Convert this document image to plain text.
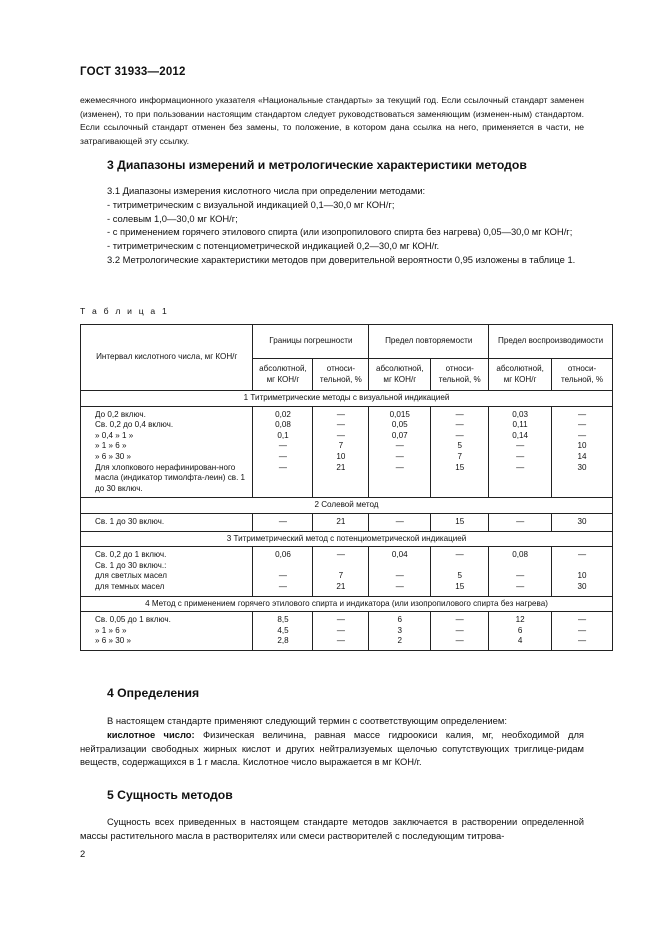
ГОСТ 31933—2012
ежемесячного информационного указателя «Национальные стандарты» за текущий год. Если ссылочный стандарт заменен (изменен), то при пользовании настоящим стандартом следует руководствоваться заменяющим (изменен-ным) стандартом. Если ссылочный стандарт отменен без замены, то положение, в котором дана ссылка на него, применяется в части, не затрагивающей эту ссылку.
3 Диапазоны измерений и метрологические характеристики методов

3.1 Диапазоны измерения кислотного числа при определении методами:

- титриметрическим с визуальной индикацией 0,1—30,0 мг КОН/г;

- солевым 1,0—30,0 мг КОН/г;

- с применением горячего этилового спирта (или изопропилового спирта без нагрева) 0,05—30,0 мг КОН/г;

- титриметрическим с потенциометрической индикацией 0,2—30,0 мг КОН/г.

3.2 Метрологические характеристики методов при доверительной вероятности 0,95 изложены в таблице 1.

Т а б л и ц а 1
Интервал кислотного числа, мг КОН/г	Границы погрешности		Предел повторяемости		Предел воспроизводимости	
	абсолютной, мг КОН/г	относи-тельной, %	абсолютной, мг КОН/г	относи-тельной, %	абсолютной, мг КОН/г	относи-тельной, %
1 Титриметрические методы с визуальной индикацией						
До 0,2 включ.	0,02	—	0,015	—	0,03	—
Св. 0,2 до 0,4 включ.	0,08	—	0,05	—	0,11	—
» 0,4 » 1 »	0,1	—	0,07	—	0,14	—
» 1 » 6 »	—	7	—	5	—	10
» 6 » 30 »	—	10	—	7	—	14
Для хлопкового нерафинирован-ного масла (индикатор тимолфта-леин) св. 1 до 30 включ.	—	21	—	15	—	30
2 Солевой метод						
Св. 1 до 30 включ.	—	21	—	15	—	30
3 Титриметрический метод с потенциометрической индикацией						
Св. 0,2 до 1 включ.	0,06	—	0,04	—	0,08	—
Св. 1 до 30 включ.:						
для светлых масел	—	7	—	5	—	10
для темных масел	—	21	—	15	—	30
4 Метод с применением горячего этилового спирта и индикатора (или изопропилового спирта без нагрева)						
Св. 0,05 до 1 включ.	8,5	—	6	—	12	—
» 1 » 6 »	4,5	—	3	—	6	—
» 6 » 30 »	2,8	—	2	—	4	—
4 Определения

В настоящем стандарте применяют следующий термин с соответствующим определением:

кислотное число: Физическая величина, равная массе гидроокиси калия, мг, необходимой для нейтрализации свободных жирных кислот и других нейтрализуемых щелочью сопутствующих триглице-ридам веществ, содержащихся в 1 г масла. Кислотное число выражается в мг КОН/г.

5 Сущность методов

Сущность всех приведенных в настоящем стандарте методов заключается в растворении определенной массы растительного масла в растворителях или смеси растворителей с последующим титрова-

2
